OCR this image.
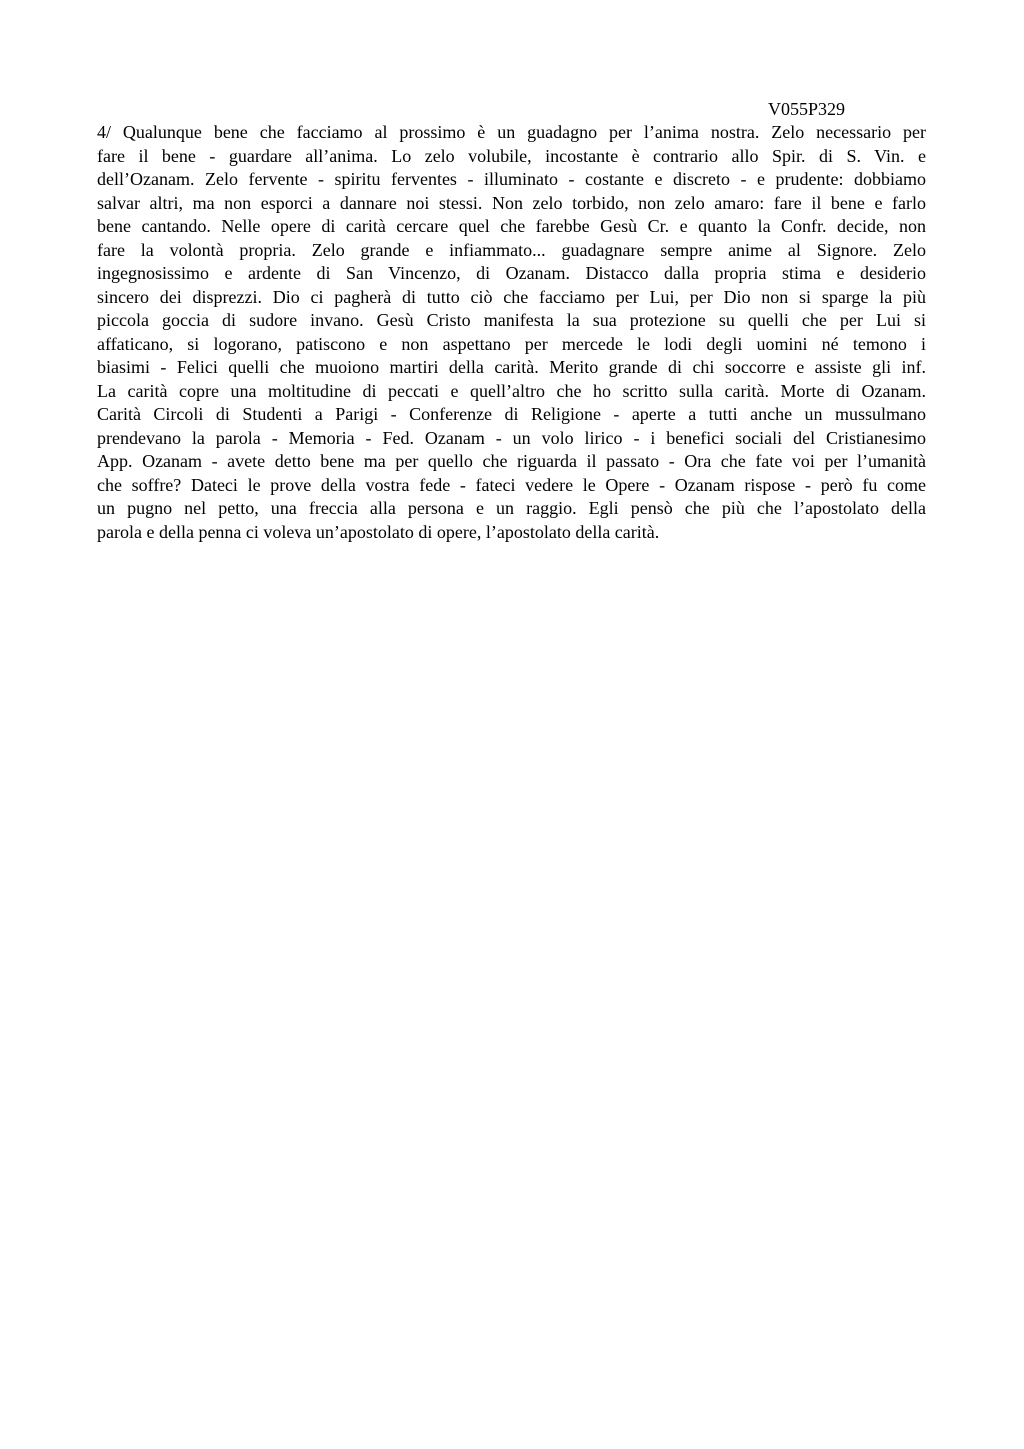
V055P329

4/ Qualunque bene che facciamo al prossimo è un guadagno per l’anima nostra. Zelo necessario per
fare il bene - guardare all’anima. Lo zelo volubile, incostante è contrario allo Spir. di S. Vin. e
dell’Ozanam. Zelo fervente - spiritu ferventes - illuminato - costante e discreto - e prudente: dobbiamo
salvar altri, ma non esporci a dannare noi stessi. Non zelo torbido, non zelo amaro: fare il bene e farlo
bene cantando. Nelle opere di carità cercare quel che farebbe Gesù Cr. e quanto la Confr. decide, non
fare la volontà propria. Zelo grande e infiammato... guadagnare sempre anime al Signore. Zelo
ingegnosissimo e ardente di San Vincenzo, di Ozanam. Distacco dalla propria stima e desiderio
sincero dei disprezzi. Dio ci pagherà di tutto ciò che facciamo per Lui, per Dio non si sparge la più
piccola goccia di sudore invano. Gesù Cristo manifesta la sua protezione su quelli che per Lui si
affaticano, si logorano, patiscono e non aspettano per mercede le lodi degli uomini né temono i
biasimi - Felici quelli che muoiono martiri della carità. Merito grande di chi soccorre e assiste gli inf.
La carità copre una moltitudine di peccati e quell’altro che ho scritto sulla carità. Morte di Ozanam.
Carità Circoli di Studenti a Parigi - Conferenze di Religione - aperte a tutti anche un mussulmano
prendevano la parola - Memoria - Fed. Ozanam - un volo lirico - i benefici sociali del Cristianesimo
App. Ozanam - avete detto bene ma per quello che riguarda il passato - Ora che fate voi per l’umanità
che soffre? Dateci le prove della vostra fede - fateci vedere le Opere - Ozanam rispose - però fu come
un pugno nel petto, una freccia alla persona e un raggio. Egli pensò che più che l’apostolato della
parola e della penna ci voleva un’apostolato di opere, l’apostolato della carità.
